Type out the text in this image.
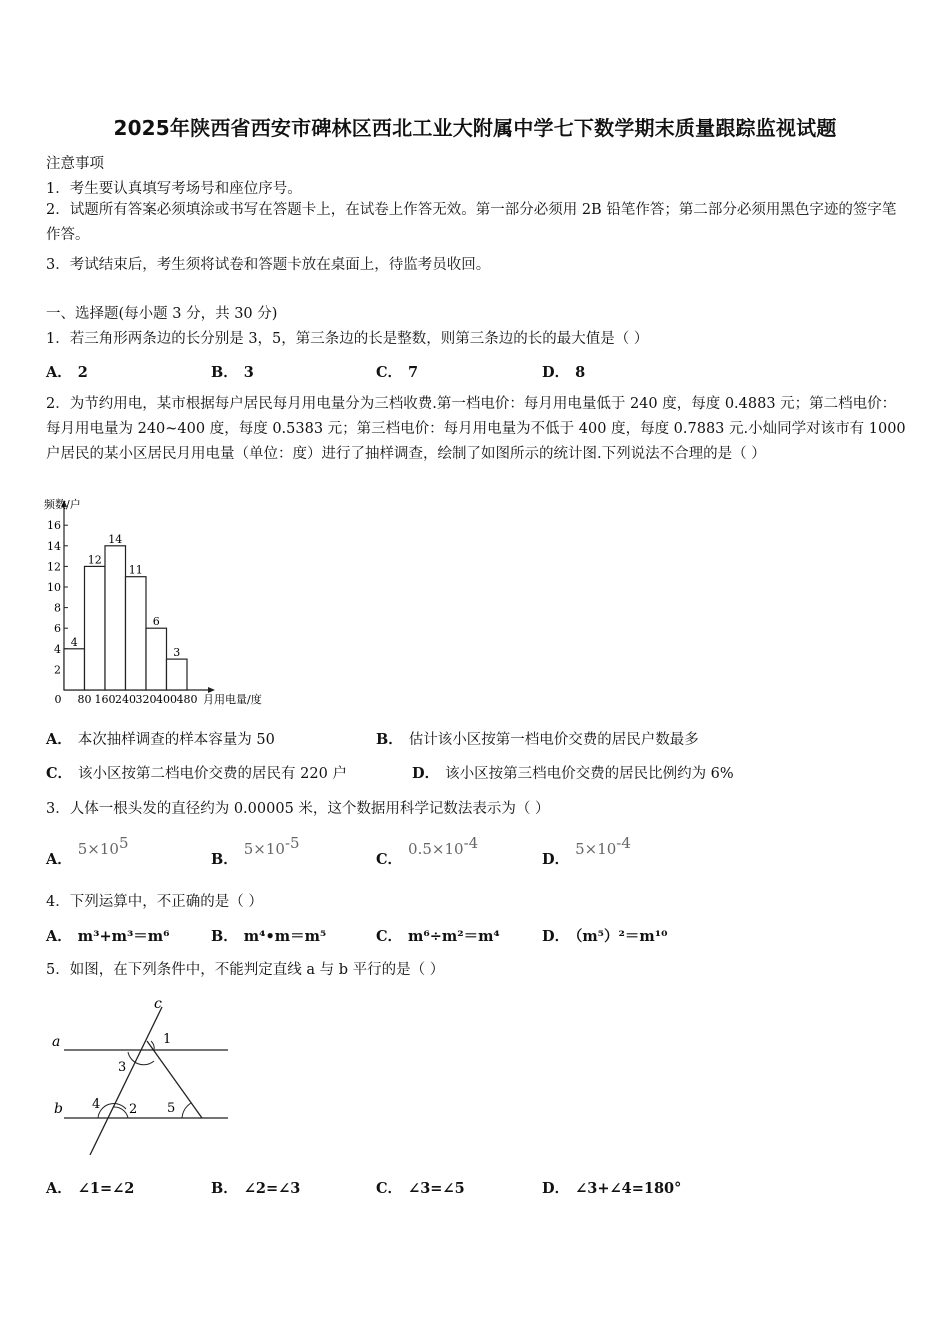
2025年陕西省西安市碑林区西北工业大附属中学七下数学期末质量跟踪监视试题
注意事项
1．考生要认真填写考场号和座位序号。
2．试题所有答案必须填涂或书写在答题卡上，在试卷上作答无效。第一部分必须用 2B 铅笔作答；第二部分必须用黑色字迹的签字笔作答。
3．考试结束后，考生须将试卷和答题卡放在桌面上，待监考员收回。
一、选择题(每小题 3 分，共 30 分)
1．若三角形两条边的长分别是 3，5，第三条边的长是整数，则第三条边的长的最大值是（ ）
A． 2	B． 3	C． 7	D． 8
2．为节约用电，某市根据每户居民每月用电量分为三档收费.第一档电价：每月用电量低于 240 度，每度 0.4883 元；第二档电价：每月用电量为 240~400 度，每度 0.5383 元；第三档电价：每月用电量为不低于 400 度，每度 0.7883 元.小灿同学对该市有 1000 户居民的某小区居民月用电量（单位：度）进行了抽样调查，绘制了如图所示的统计图.下列说法不合理的是（ ）
频数/户
月用电量/度
2
4
6
8
10
12
14
16
4
12
14
11
6
3
0 80 160 240 320 400 480
A． 本次抽样调查的样本容量为 50	B． 估计该小区按第一档电价交费的居民户数最多
C． 该小区按第二档电价交费的居民有 220 户	D． 该小区按第三档电价交费的居民比例约为 6%
3．人体一根头发的直径约为 0.00005 米，这个数据用科学记数法表示为（ ）
A．$5\times 10^5$
B．$5\times 10^{-5}$
C．$0.5\times 10^{-4}$
D．$5\times 10^{-4}$
4．下列运算中，不正确的是（ ）
A． m³+m³＝m⁶	B． m⁴•m＝m⁵	C． m⁶÷m²＝m⁴	D． （m⁵）²＝m¹⁰
5．如图，在下列条件中，不能判定直线 a 与 b 平行的是（ ）
a
b
c
1
3
4 2 5
A． ∠1=∠2	B． ∠2=∠3	C． ∠3=∠5	D． ∠3+∠4=180°
